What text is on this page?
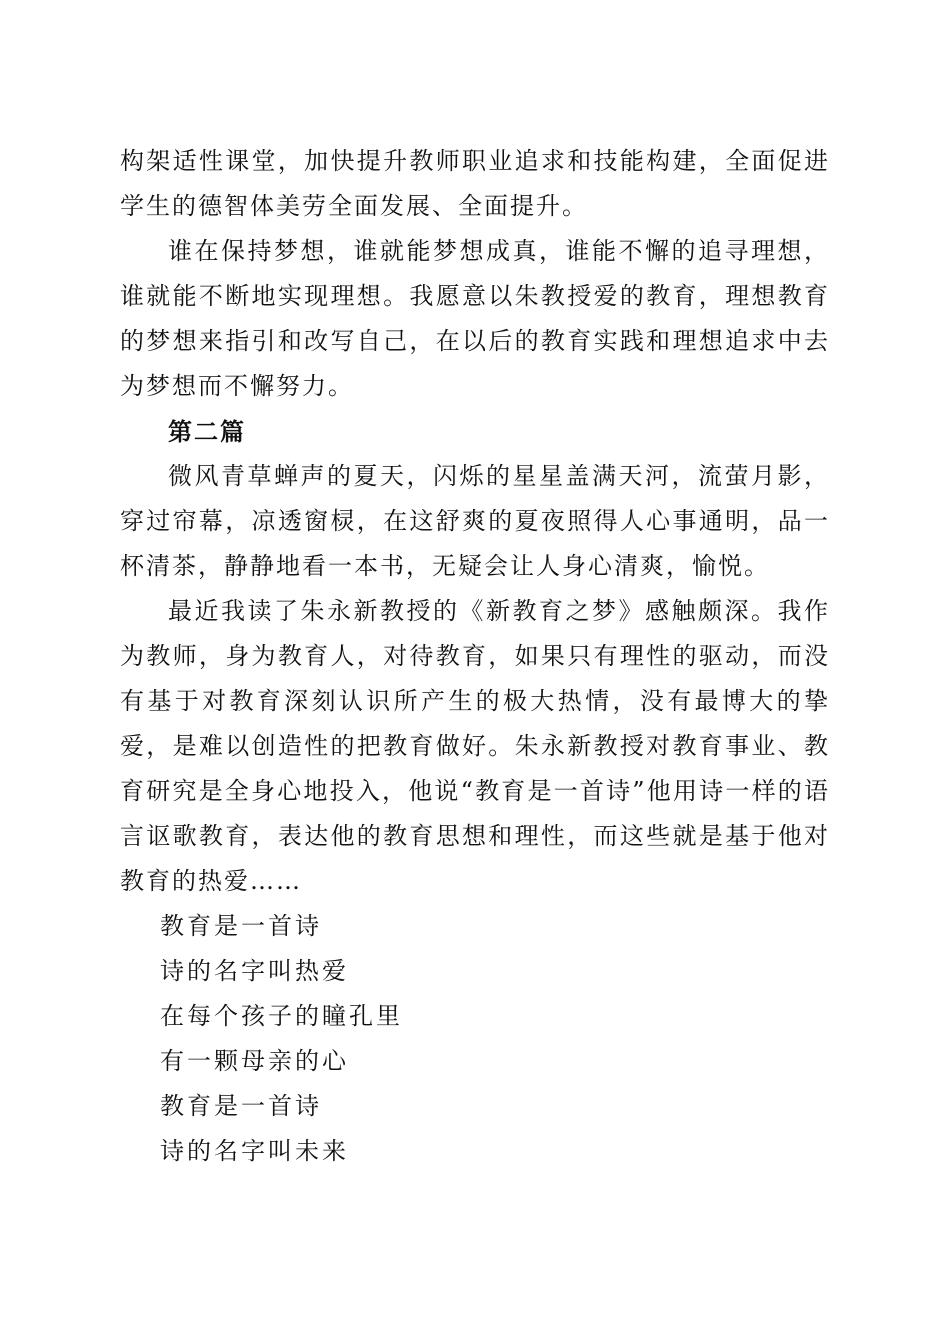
构架适性课堂，加快提升教师职业追求和技能构建，全面促进学生的德智体美劳全面发展、全面提升。

谁在保持梦想，谁就能梦想成真，谁能不懈的追寻理想，谁就能不断地实现理想。我愿意以朱教授爱的教育，理想教育的梦想来指引和改写自己，在以后的教育实践和理想追求中去为梦想而不懈努力。

第二篇

微风青草蝉声的夏天，闪烁的星星盖满天河，流萤月影，穿过帘幕，凉透窗棂，在这舒爽的夏夜照得人心事通明，品一杯清茶，静静地看一本书，无疑会让人身心清爽，愉悦。

最近我读了朱永新教授的《新教育之梦》感触颇深。我作为教师，身为教育人，对待教育，如果只有理性的驱动，而没有基于对教育深刻认识所产生的极大热情，没有最博大的挚爱，是难以创造性的把教育做好。朱永新教授对教育事业、教育研究是全身心地投入，他说“教育是一首诗”他用诗一样的语言讴歌教育，表达他的教育思想和理性，而这些就是基于他对教育的热爱……

教育是一首诗

诗的名字叫热爱

在每个孩子的瞳孔里

有一颗母亲的心

教育是一首诗

诗的名字叫未来
